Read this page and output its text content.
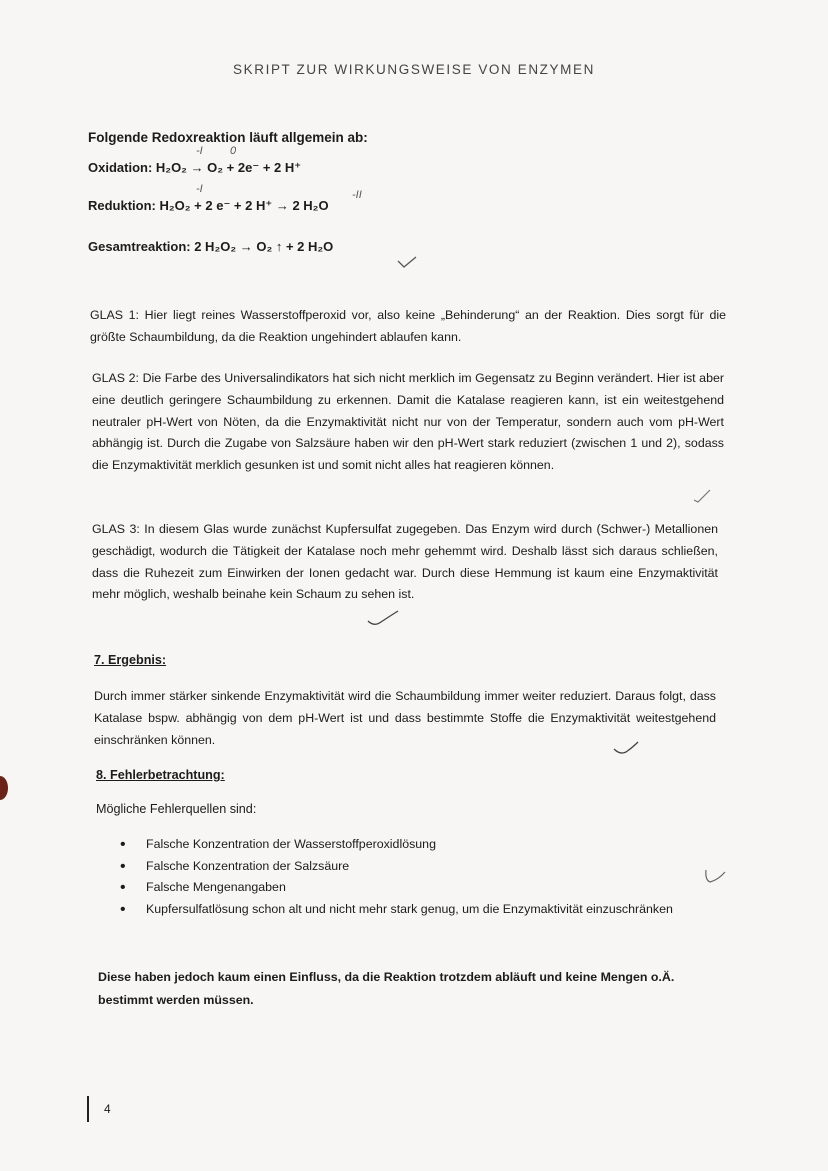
SKRIPT ZUR WIRKUNGSWEISE VON ENZYMEN
Folgende Redoxreaktion läuft allgemein ab:
-I 0
Oxidation: H₂O₂ → O₂ + 2e⁻ + 2 H⁺
-I	-II
Reduktion: H₂O₂ + 2 e⁻ + 2 H⁺ → 2 H₂O
Gesamtreaktion: 2 H₂O₂ → O₂ ↑ + 2 H₂O
GLAS 1: Hier liegt reines Wasserstoffperoxid vor, also keine „Behinderung“ an der Reaktion. Dies sorgt für die größte Schaumbildung, da die Reaktion ungehindert ablaufen kann.
GLAS 2: Die Farbe des Universalindikators hat sich nicht merklich im Gegensatz zu Beginn verändert. Hier ist aber eine deutlich geringere Schaumbildung zu erkennen. Damit die Katalase reagieren kann, ist ein weitestgehend neutraler pH-Wert von Nöten, da die Enzymaktivität nicht nur von der Temperatur, sondern auch vom pH-Wert abhängig ist. Durch die Zugabe von Salzsäure haben wir den pH-Wert stark reduziert (zwischen 1 und 2), sodass die Enzymaktivität merklich gesunken ist und somit nicht alles hat reagieren können.
GLAS 3: In diesem Glas wurde zunächst Kupfersulfat zugegeben. Das Enzym wird durch (Schwer-) Metallionen geschädigt, wodurch die Tätigkeit der Katalase noch mehr gehemmt wird. Deshalb lässt sich daraus schließen, dass die Ruhezeit zum Einwirken der Ionen gedacht war. Durch diese Hemmung ist kaum eine Enzymaktivität mehr möglich, weshalb beinahe kein Schaum zu sehen ist.
7. Ergebnis:
Durch immer stärker sinkende Enzymaktivität wird die Schaumbildung immer weiter reduziert. Daraus folgt, dass Katalase bspw. abhängig von dem pH-Wert ist und dass bestimmte Stoffe die Enzymaktivität weitestgehend einschränken können.
8. Fehlerbetrachtung:
Mögliche Fehlerquellen sind:
• Falsche Konzentration der Wasserstoffperoxidlösung
• Falsche Konzentration der Salzsäure
• Falsche Mengenangaben
• Kupfersulfatlösung schon alt und nicht mehr stark genug, um die Enzymaktivität einzuschränken
Diese haben jedoch kaum einen Einfluss, da die Reaktion trotzdem abläuft und keine Mengen o.Ä. bestimmt werden müssen.
4
